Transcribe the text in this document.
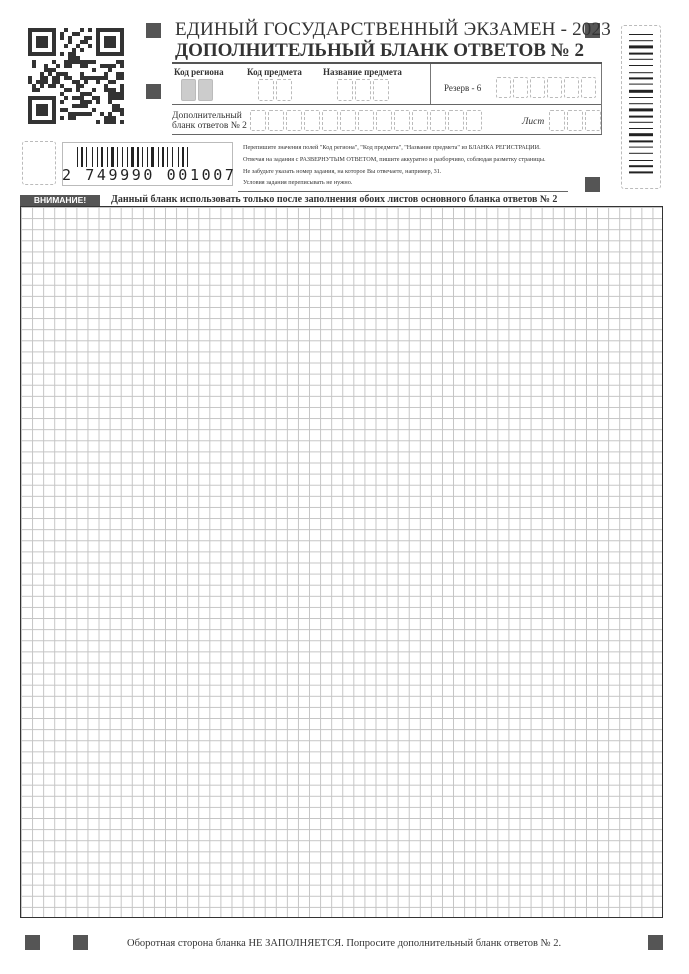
ЕДИНЫЙ ГОСУДАРСТВЕННЫЙ ЭКЗАМЕН - 2023
ДОПОЛНИТЕЛЬНЫЙ БЛАНК ОТВЕТОВ № 2
Код региона	Код предмета Название предмета
Резерв - 6
Дополнительный
бланк ответов № 2	Лист
2 749990 001007
Перепишите значения полей "Код региона", "Код предмета", "Название предмета" из БЛАНКА РЕГИСТРАЦИИ.
Отвечая на задания с РАЗВЕРНУТЫМ ОТВЕТОМ, пишите аккуратно и разборчиво, соблюдая разметку страницы.
Не забудьте указать номер задания, на которое Вы отвечаете, например, 31.
Условия задания переписывать не нужно.
ВНИМАНИЕ!	Данный бланк использовать только после заполнения обоих листов основного бланка ответов № 2
Оборотная сторона бланка НЕ ЗАПОЛНЯЕТСЯ. Попросите дополнительный бланк ответов № 2.
